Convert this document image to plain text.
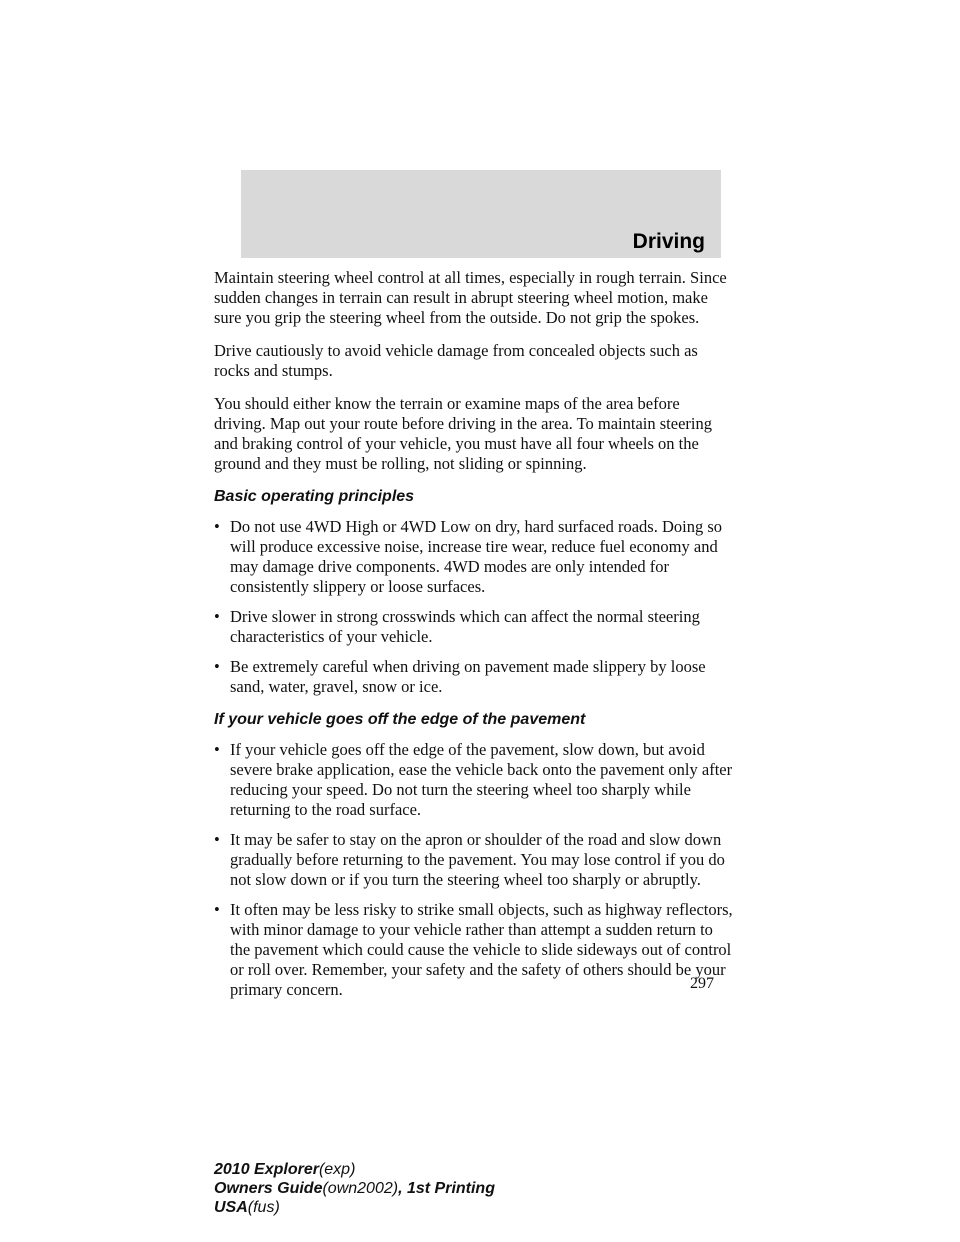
Driving

Maintain steering wheel control at all times, especially in rough terrain. Since sudden changes in terrain can result in abrupt steering wheel motion, make sure you grip the steering wheel from the outside. Do not grip the spokes.

Drive cautiously to avoid vehicle damage from concealed objects such as rocks and stumps.

You should either know the terrain or examine maps of the area before driving. Map out your route before driving in the area. To maintain steering and braking control of your vehicle, you must have all four wheels on the ground and they must be rolling, not sliding or spinning.

Basic operating principles
• Do not use 4WD High or 4WD Low on dry, hard surfaced roads. Doing so will produce excessive noise, increase tire wear, reduce fuel economy and may damage drive components. 4WD modes are only intended for consistently slippery or loose surfaces.
• Drive slower in strong crosswinds which can affect the normal steering characteristics of your vehicle.
• Be extremely careful when driving on pavement made slippery by loose sand, water, gravel, snow or ice.
If your vehicle goes off the edge of the pavement
• If your vehicle goes off the edge of the pavement, slow down, but avoid severe brake application, ease the vehicle back onto the pavement only after reducing your speed. Do not turn the steering wheel too sharply while returning to the road surface.
• It may be safer to stay on the apron or shoulder of the road and slow down gradually before returning to the pavement. You may lose control if you do not slow down or if you turn the steering wheel too sharply or abruptly.
• It often may be less risky to strike small objects, such as highway reflectors, with minor damage to your vehicle rather than attempt a sudden return to the pavement which could cause the vehicle to slide sideways out of control or roll over. Remember, your safety and the safety of others should be your primary concern.	297
2010 Explorer(exp)
Owners Guide(own2002), 1st Printing
USA(fus)
